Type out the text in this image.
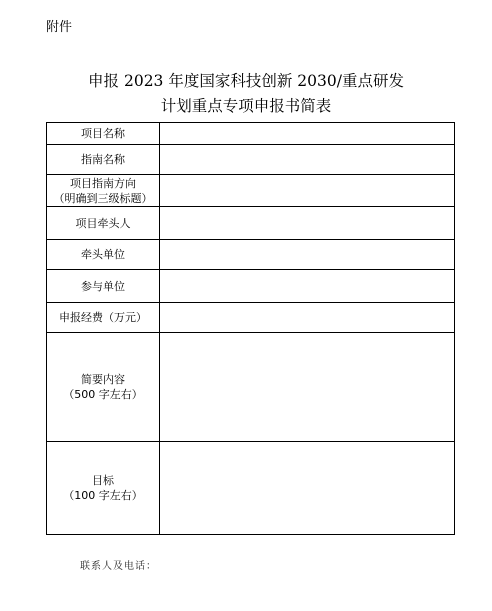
附件
申报 2023 年度国家科技创新 2030/重点研发
计划重点专项申报书简表
项目名称	

指南名称	

项目指南方向
（明确到三级标题）	

项目牵头人	

牵头单位	

参与单位	

申报经费（万元）	

简要内容
（500 字左右）	

目标
（100 字左右）	

联系人及电话：
